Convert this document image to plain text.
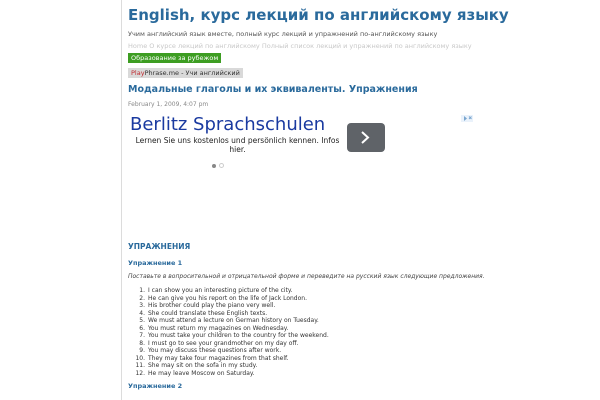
English, курс лекций по английскому языку
Учим английский язык вместе, полный курс лекций и упражнений по-английскому языку
Home О курсе лекций по английскому Полный список лекций и упражнений по английскому языку
Образование за рубежом
PlayPhrase.me - Учи английский
Модальные глаголы и их эквиваленты. Упражнения
February 1, 2009, 4:07 pm
Berlitz Sprachschulen
Lernen Sie uns kostenlos und persönlich kennen. Infos hier.
УПРАЖНЕНИЯ
Упражнение 1
Поставьте в вопросительной и отрицательной форме и переведите на русский язык следующие предложения.
1. I can show you an interesting picture of the city.
2. He can give you his report on the life of Jack London.
3. His brother could play the piano very well.
4. She could translate these English texts.
5. We must attend a lecture on German history on Tuesday.
6. You must return my magazines on Wednesday.
7. You must take your children to the country for the weekend.
8. I must go to see your grandmother on my day off.
9. You may discuss these questions after work.
10. They may take four magazines from that shelf.
11. She may sit on the sofa in my study.
12. He may leave Moscow on Saturday.
Упражнение 2
